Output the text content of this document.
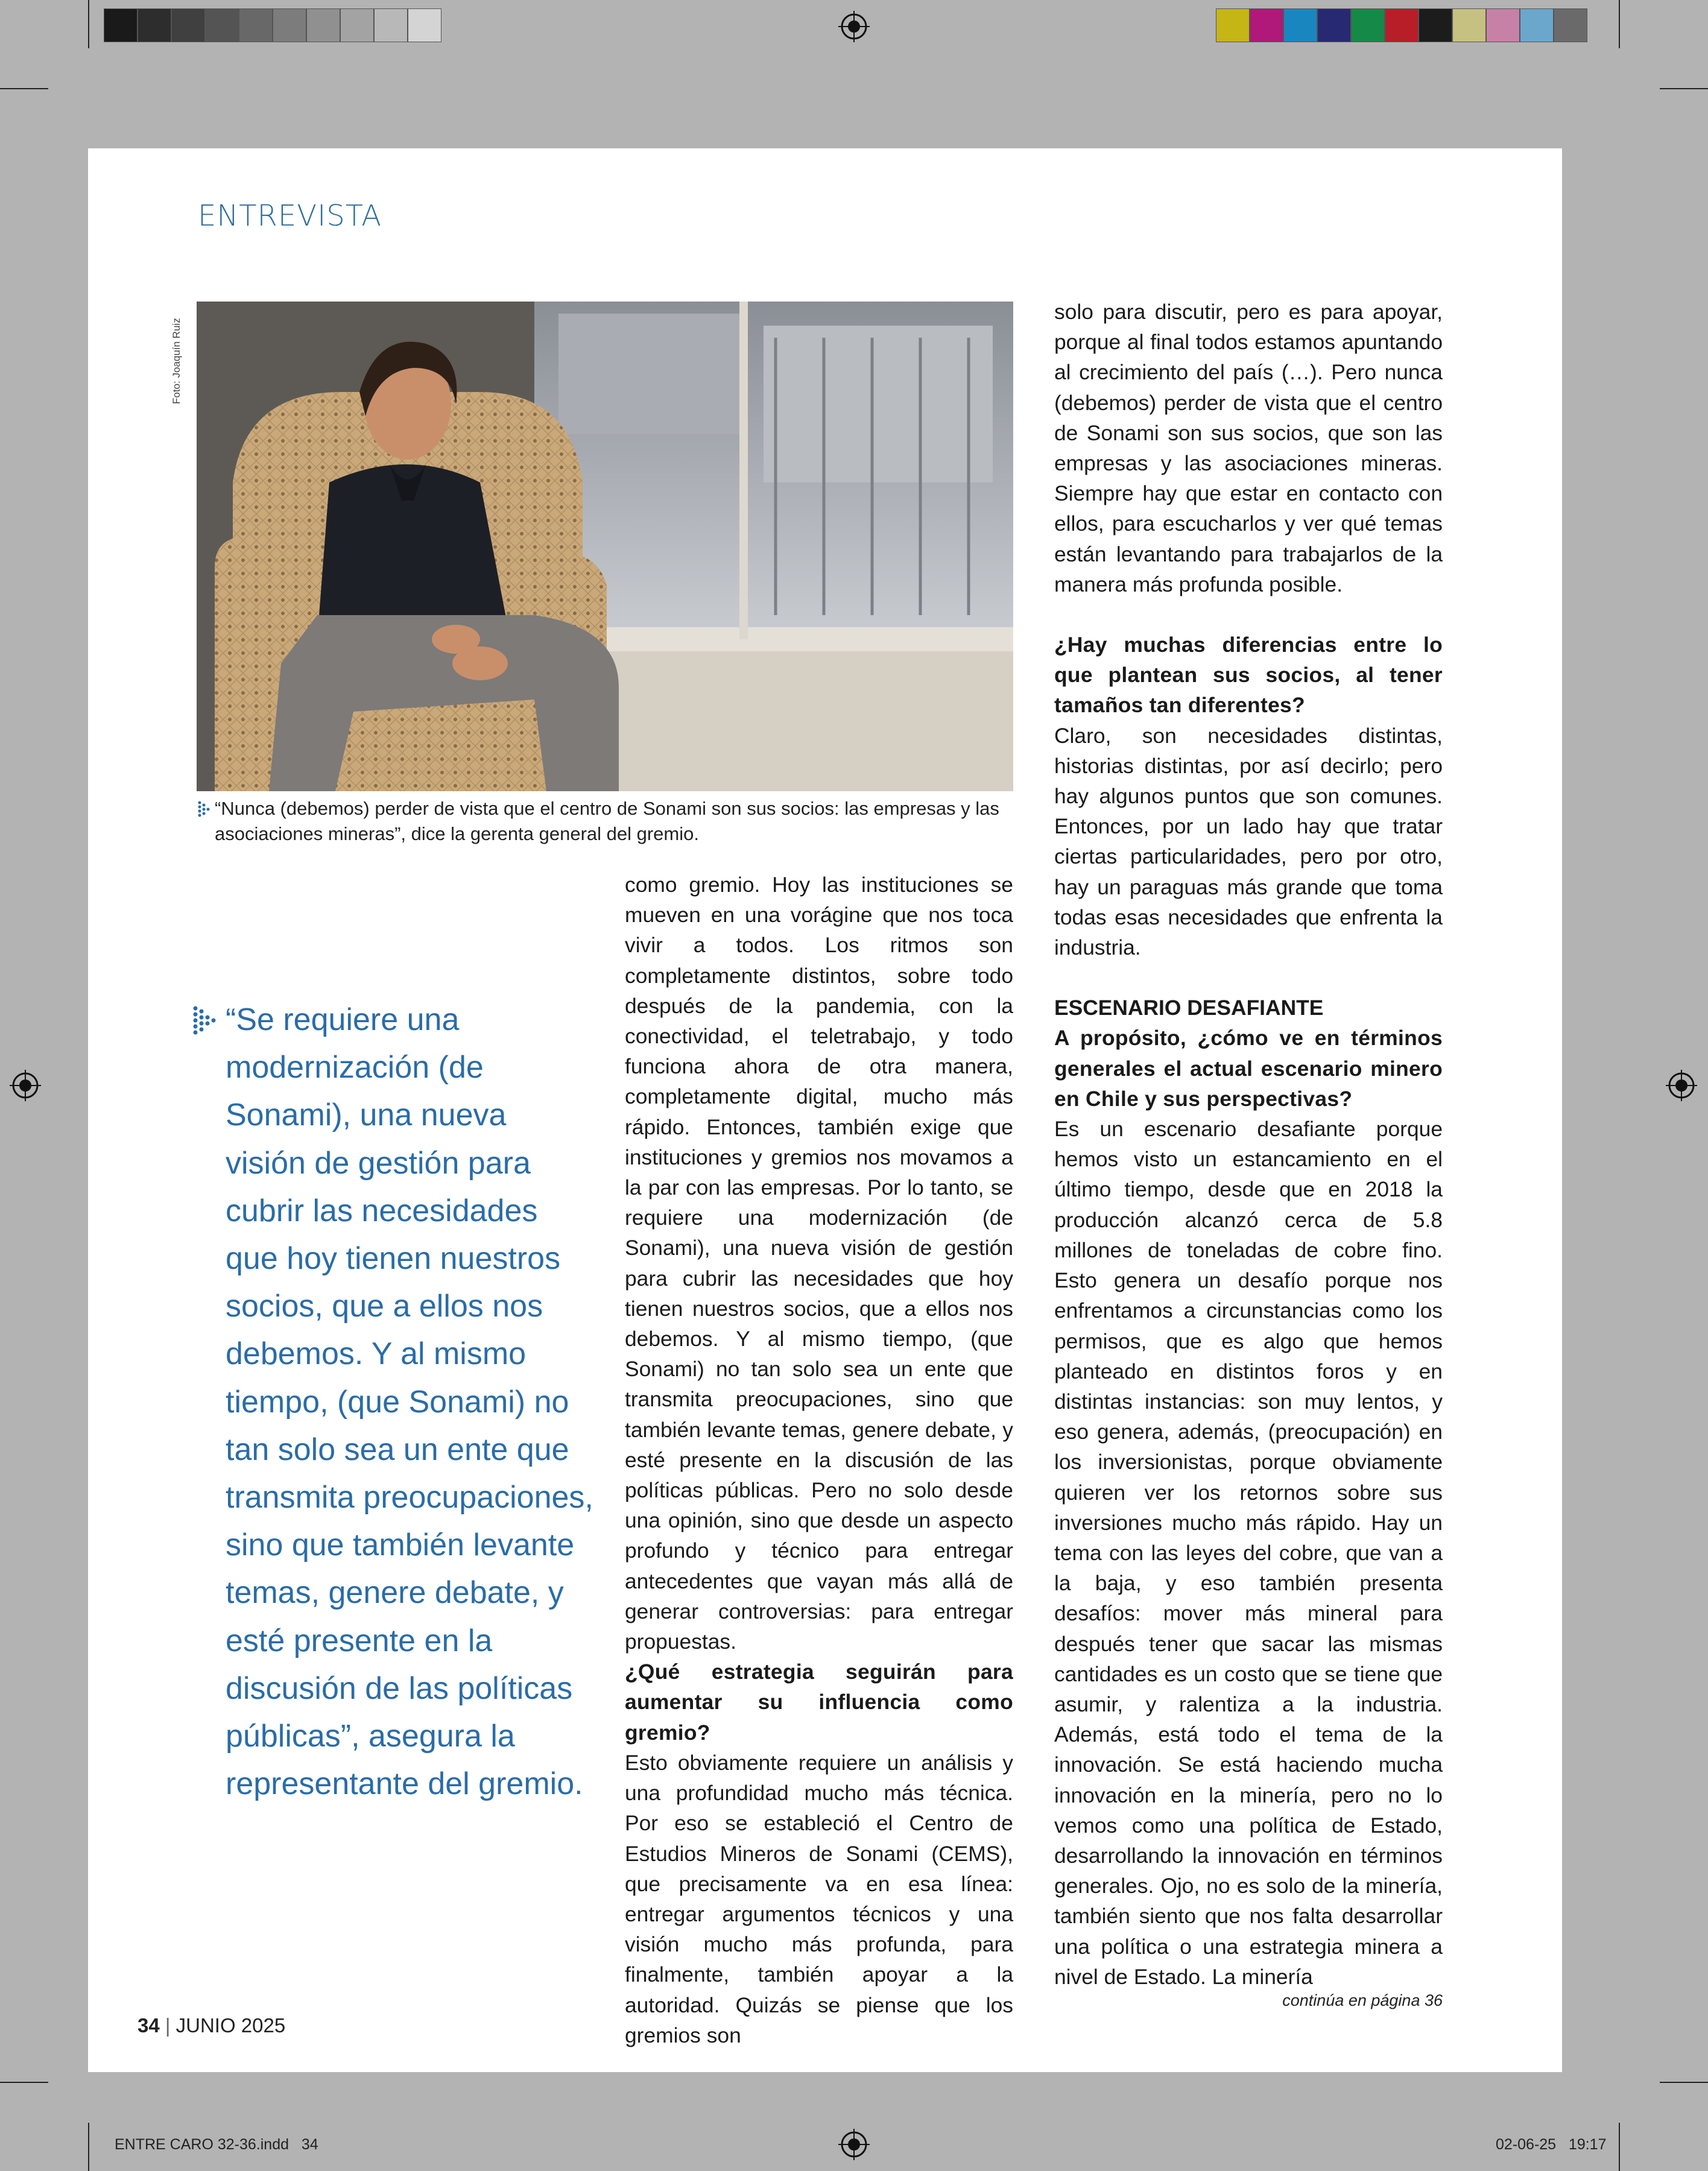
ENTREVISTA
Foto: Joaquín Ruiz
“Nunca (debemos) perder de vista que el centro de Sonami son sus socios: las empresas y las asociaciones mineras”, dice la gerenta general del gremio.
“Se requiere una modernización (de Sonami), una nueva visión de gestión para cubrir las necesidades que hoy tienen nuestros socios, que a ellos nos debemos. Y al mismo tiempo, (que Sonami) no tan solo sea un ente que transmita preocupaciones, sino que también levante temas, genere debate, y esté presente en la discusión de las políticas públicas”, asegura la representante del gremio.

como gremio. Hoy las instituciones se mueven en una vorágine que nos toca vivir a todos. Los ritmos son completamente distintos, sobre todo después de la pandemia, con la conectividad, el teletrabajo, y todo funciona ahora de otra manera, completamente digital, mucho más rápido. Entonces, también exige que instituciones y gremios nos movamos a la par con las empresas. Por lo tanto, se requiere una modernización (de Sonami), una nueva visión de gestión para cubrir las necesidades que hoy tienen nuestros socios, que a ellos nos debemos. Y al mismo tiempo, (que Sonami) no tan solo sea un ente que transmita preocupaciones, sino que también levante temas, genere debate, y esté presente en la discusión de las políticas públicas. Pero no solo desde una opinión, sino que desde un aspecto profundo y técnico para entregar antecedentes que vayan más allá de generar controversias: para entregar propuestas.

¿Qué estrategia seguirán para aumentar su influencia como gremio?

Esto obviamente requiere un análisis y una profundidad mucho más técnica. Por eso se estableció el Centro de Estudios Mineros de Sonami (CEMS), que precisamente va en esa línea: entregar argumentos técnicos y una visión mucho más profunda, para finalmente, también apoyar a la autoridad. Quizás se piense que los gremios son

solo para discutir, pero es para apoyar, porque al final todos estamos apuntando al crecimiento del país (…). Pero nunca (debemos) perder de vista que el centro de Sonami son sus socios, que son las empresas y las asociaciones mineras. Siempre hay que estar en contacto con ellos, para escucharlos y ver qué temas están levantando para trabajarlos de la manera más profunda posible.

¿Hay muchas diferencias entre lo que plantean sus socios, al tener tamaños tan diferentes?

Claro, son necesidades distintas, historias distintas, por así decirlo; pero hay algunos puntos que son comunes. Entonces, por un lado hay que tratar ciertas particularidades, pero por otro, hay un paraguas más grande que toma todas esas necesidades que enfrenta la industria.

ESCENARIO DESAFIANTE

A propósito, ¿cómo ve en términos generales el actual escenario minero en Chile y sus perspectivas?

Es un escenario desafiante porque hemos visto un estancamiento en el último tiempo, desde que en 2018 la producción alcanzó cerca de 5.8 millones de toneladas de cobre fino. Esto genera un desafío porque nos enfrentamos a circunstancias como los permisos, que es algo que hemos planteado en distintos foros y en distintas instancias: son muy lentos, y eso genera, además, (preocupación) en los inversionistas, porque obviamente quieren ver los retornos sobre sus inversiones mucho más rápido. Hay un tema con las leyes del cobre, que van a la baja, y eso también presenta desafíos: mover más mineral para después tener que sacar las mismas cantidades es un costo que se tiene que asumir, y ralentiza a la industria. Además, está todo el tema de la innovación. Se está haciendo mucha innovación en la minería, pero no lo vemos como una política de Estado, desarrollando la innovación en términos generales. Ojo, no es solo de la minería, también siento que nos falta desarrollar una política o una estrategia minera a nivel de Estado. La minería

continúa en página 36
34 | JUNIO 2025
ENTRE CARO 32-36.indd   34	02-06-25   19:17
